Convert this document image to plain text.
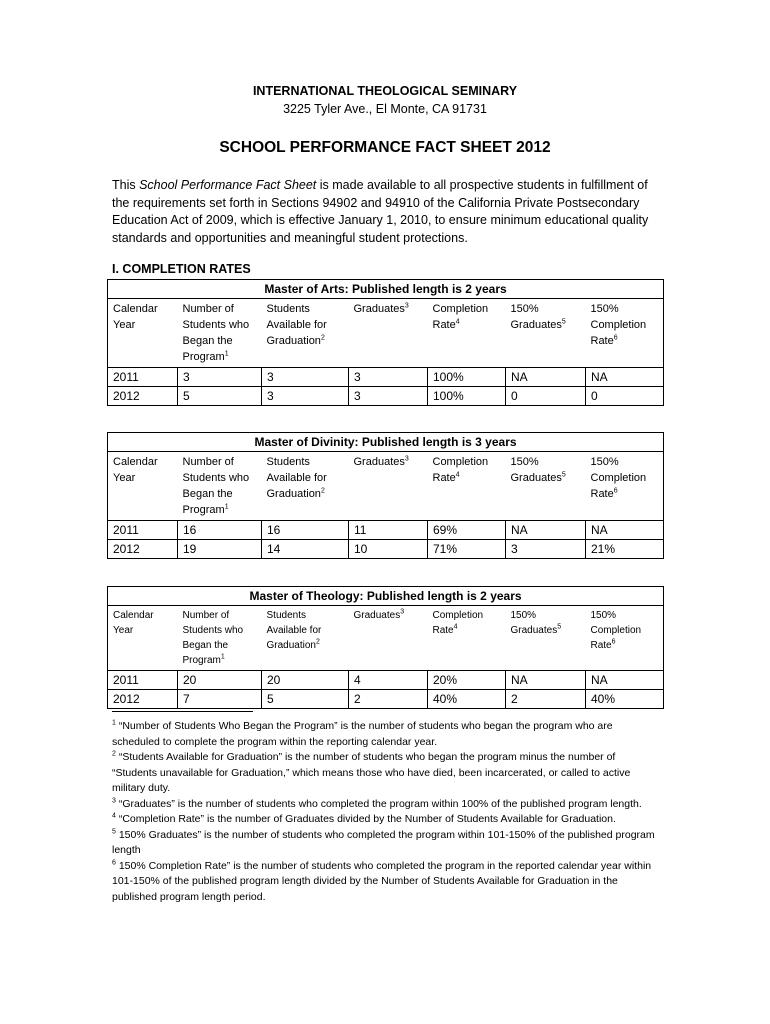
INTERNATIONAL THEOLOGICAL SEMINARY
3225 Tyler Ave., El Monte, CA 91731
SCHOOL PERFORMANCE FACT SHEET 2012
This School Performance Fact Sheet is made available to all prospective students in fulfillment of the requirements set forth in Sections 94902 and 94910 of the California Private Postsecondary Education Act of 2009, which is effective January 1, 2010, to ensure minimum educational quality standards and opportunities and meaningful student protections.
I. COMPLETION RATES
Master of Arts: Published length is 2 years						
Calendar Year	Number of Students who Began the Program$^1$	Students Available for Graduation$^2$	Graduates$^3$	Completion Rate$^4$	150% Graduates$^5$	150% Completion Rate$^6$
2011	3	3	3	100%	NA	NA
2012	5	3	3	100%	0	0
Master of Divinity: Published length is 3 years						
Calendar Year	Number of Students who Began the Program$^1$	Students Available for Graduation$^2$	Graduates$^3$	Completion Rate$^4$	150% Graduates$^5$	150% Completion Rate$^6$
2011	16	16	11	69%	NA	NA
2012	19	14	10	71%	3	21%
Master of Theology: Published length is 2 years						
Calendar Year	Number of Students who Began the Program$^1$	Students Available for Graduation$^2$	Graduates$^3$	Completion Rate$^4$	150% Graduates$^5$	150% Completion Rate$^6$
2011	20	20	4	20%	NA	NA
2012	7	5	2	40%	2	40%

$^1$ “Number of Students Who Began the Program” is the number of students who began the program who are scheduled to complete the program within the reporting calendar year.

$^2$ “Students Available for Graduation” is the number of students who began the program minus the number of “Students unavailable for Graduation,” which means those who have died, been incarcerated, or called to active military duty.

$^3$ “Graduates” is the number of students who completed the program within 100% of the published program length.

$^4$ “Completion Rate” is the number of Graduates divided by the Number of Students Available for Graduation.

$^5$ 150% Graduates” is the number of students who completed the program within 101-150% of the published program length

$^6$ 150% Completion Rate” is the number of students who completed the program in the reported calendar year within 101-150% of the published program length divided by the Number of Students Available for Graduation in the published program length period.
